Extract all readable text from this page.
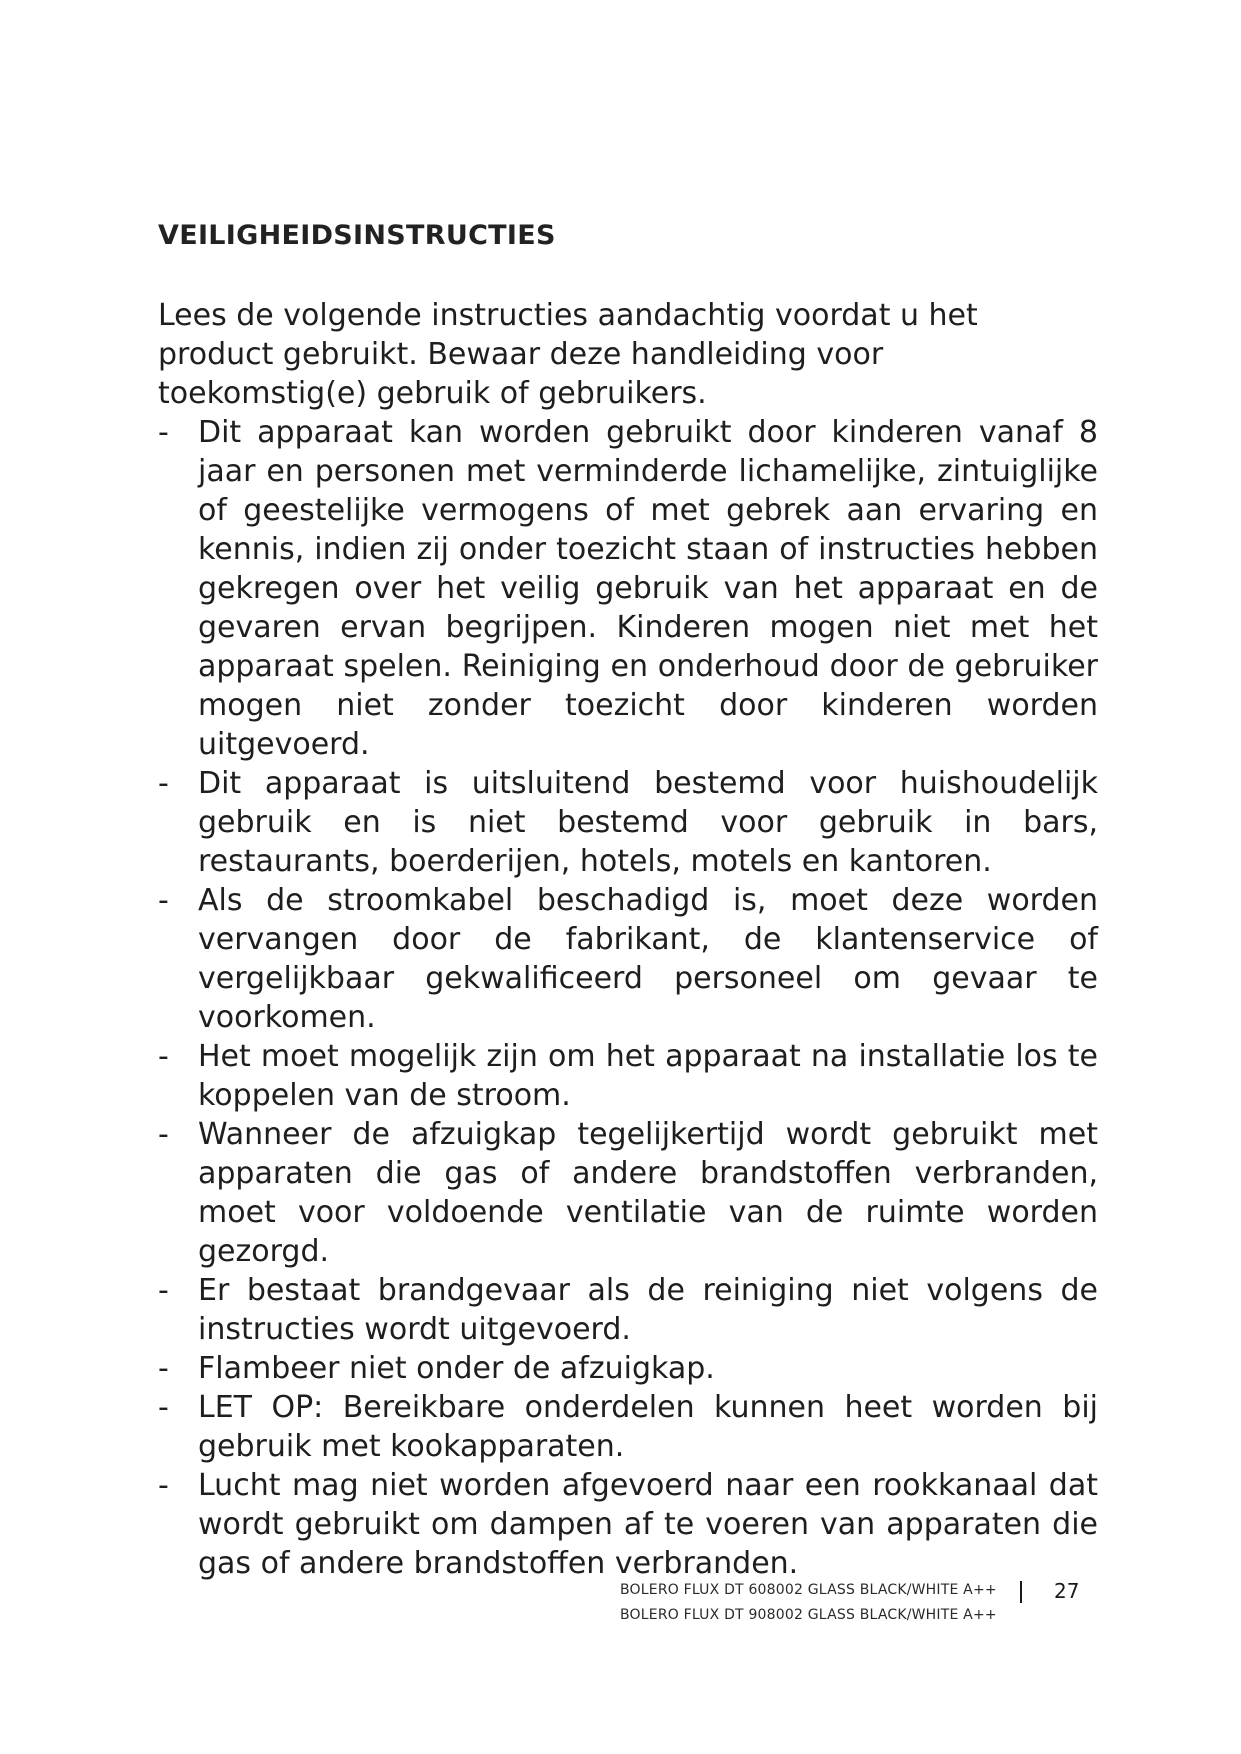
VEILIGHEIDSINSTRUCTIES

Lees de volgende instructies aandachtig voordat u het product gebruikt. Bewaar deze handleiding voor toekomstig(e) gebruik of gebruikers.

- Dit apparaat kan worden gebruikt door kinderen vanaf 8 jaar en personen met verminderde lichamelijke, zintuiglijke of geestelijke vermogens of met gebrek aan ervaring en kennis, indien zij onder toezicht staan of instructies hebben gekregen over het veilig gebruik van het apparaat en de gevaren ervan begrijpen. Kinderen mogen niet met het apparaat spelen. Reiniging en onderhoud door de gebruiker mogen niet zonder toezicht door kinderen worden uitgevoerd.
- Dit apparaat is uitsluitend bestemd voor huishoudelijk gebruik en is niet bestemd voor gebruik in bars, restaurants, boerderijen, hotels, motels en kantoren.
- Als de stroomkabel beschadigd is, moet deze worden vervangen door de fabrikant, de klantenservice of vergelijkbaar gekwalificeerd personeel om gevaar te voorkomen.
- Het moet mogelijk zijn om het apparaat na installatie los te koppelen van de stroom.
- Wanneer de afzuigkap tegelijkertijd wordt gebruikt met apparaten die gas of andere brandstoffen verbranden, moet voor voldoende ventilatie van de ruimte worden gezorgd.
- Er bestaat brandgevaar als de reiniging niet volgens de instructies wordt uitgevoerd.
- Flambeer niet onder de afzuigkap.
- LET OP: Bereikbare onderdelen kunnen heet worden bij gebruik met kookapparaten.
- Lucht mag niet worden afgevoerd naar een rookkanaal dat wordt gebruikt om dampen af te voeren van apparaten die gas of andere brandstoffen verbranden.
BOLERO FLUX DT 608002 GLASS BLACK/WHITE A++
BOLERO FLUX DT 908002 GLASS BLACK/WHITE A++
27
